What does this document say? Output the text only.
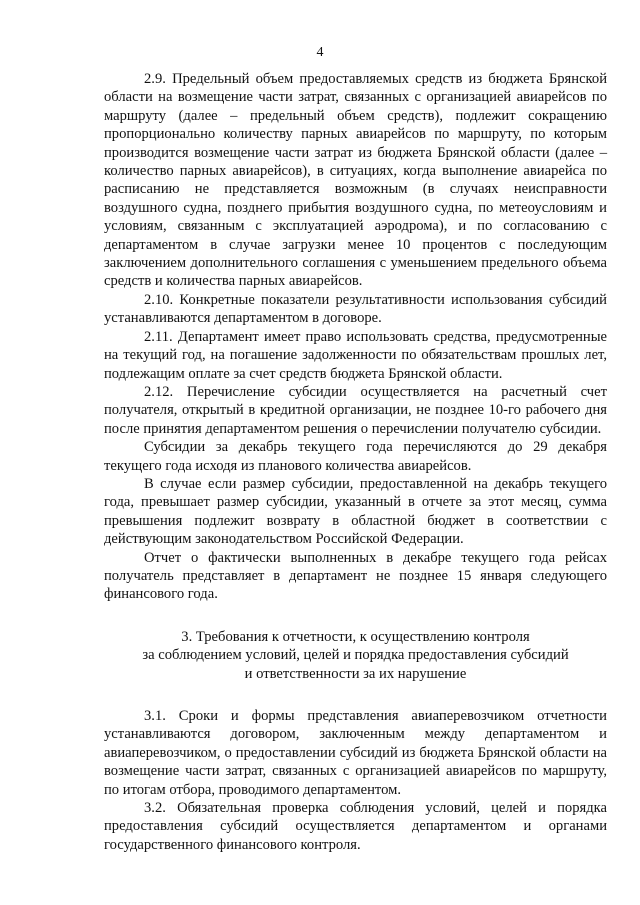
4

2.9. Предельный объем предоставляемых средств из бюджета Брянской области на возмещение части затрат, связанных с организацией авиарейсов по маршруту (далее – предельный объем средств), подлежит сокращению пропорционально количеству парных авиарейсов по маршруту, по которым производится возмещение части затрат из бюджета Брянской области (далее – количество парных авиарейсов), в ситуациях, когда выполнение авиарейса по расписанию не представляется возможным (в случаях неисправности воздушного судна, позднего прибытия воздушного судна, по метеоусловиям и условиям, связанным с эксплуатацией аэродрома), и по согласованию с департаментом в случае загрузки менее 10 процентов с последующим заключением дополнительного соглашения с уменьшением предельного объема средств и количества парных авиарейсов.

2.10. Конкретные показатели результативности использования субсидий устанавливаются департаментом в договоре.

2.11. Департамент имеет право использовать средства, предусмотренные на текущий год, на погашение задолженности по обязательствам прошлых лет, подлежащим оплате за счет средств бюджета Брянской области.

2.12. Перечисление субсидии осуществляется на расчетный счет получателя, открытый в кредитной организации, не позднее 10-го рабочего дня после принятия департаментом решения о перечислении получателю субсидии.

Субсидии за декабрь текущего года перечисляются до 29 декабря текущего года исходя из планового количества авиарейсов.

В случае если размер субсидии, предоставленной на декабрь текущего года, превышает размер субсидии, указанный в отчете за этот месяц, сумма превышения подлежит возврату в областной бюджет в соответствии с действующим законодательством Российской Федерации.

Отчет о фактически выполненных в декабре текущего года рейсах получатель представляет в департамент не позднее 15 января следующего финансового года.

3. Требования к отчетности, к осуществлению контроля
за соблюдением условий, целей и порядка предоставления субсидий
и ответственности за их нарушение

3.1. Сроки и формы представления авиаперевозчиком отчетности устанавливаются договором, заключенным между департаментом и авиаперевозчиком, о предоставлении субсидий из бюджета Брянской области на возмещение части затрат, связанных с организацией авиарейсов по маршруту, по итогам отбора, проводимого департаментом.

3.2. Обязательная проверка соблюдения условий, целей и порядка предоставления субсидий осуществляется департаментом и органами государственного финансового контроля.
